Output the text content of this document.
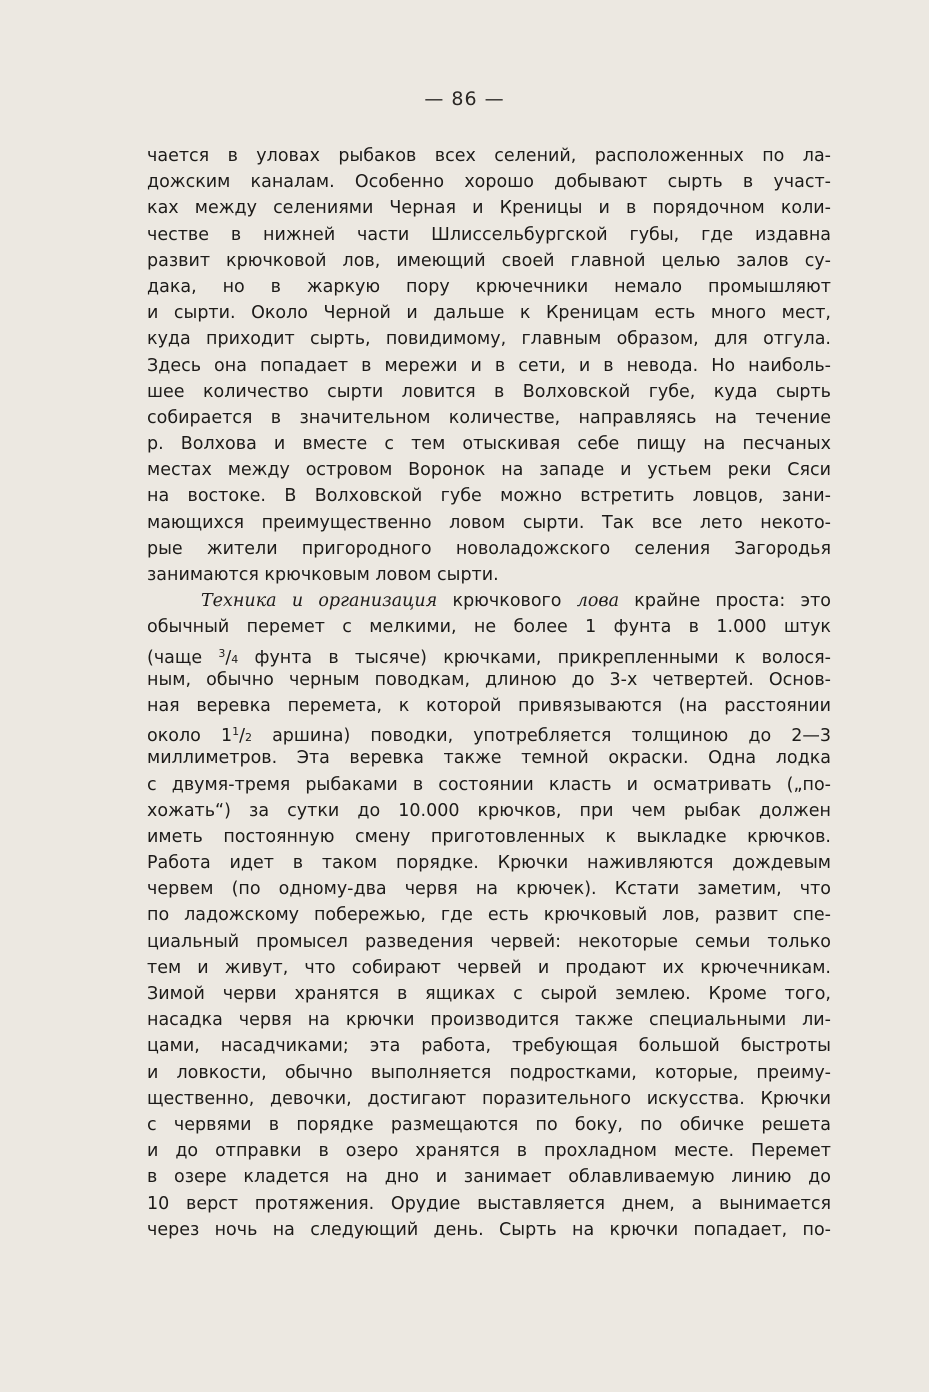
— 86 —
чается в уловах рыбаков всех селений, расположенных по ла-
дожским каналам. Особенно хорошо добывают сырть в участ-
ках между селениями Черная и Креницы и в порядочном коли-
честве в нижней части Шлиссельбургской губы, где издавна
развит крючковой лов, имеющий своей главной целью залов су-
дака, но в жаркую пору крючечники немало промышляют
и сырти. Около Черной и дальше к Креницам есть много мест,
куда приходит сырть, повидимому, главным образом, для отгула.
Здесь она попадает в мережи и в сети, и в невода. Но наиболь-
шее количество сырти ловится в Волховской губе, куда сырть
собирается в значительном количестве, направляясь на течение
р. Волхова и вместе с тем отыскивая себе пищу на песчаных
местах между островом Воронок на западе и устьем реки Сяси
на востоке. В Волховской губе можно встретить ловцов, зани-
мающихся преимущественно ловом сырти. Так все лето некото-
рые жители пригородного новоладожского селения Загородья
занимаются крючковым ловом сырти.
Техника и организация крючкового лова крайне проста: это
обычный перемет с мелкими, не более 1 фунта в 1.000 штук
(чаще $^3$/4 фунта в тысяче) крючками, прикрепленными к волося-
ным, обычно черным поводкам, длиною до 3-х четвертей. Основ-
ная веревка перемета, к которой привязываются (на расстоянии
около $1^1/2$ аршина) поводки, употребляется толщиною до 2—3
миллиметров. Эта веревка также темной окраски. Одна лодка
с двумя-тремя рыбаками в состоянии класть и осматривать („по-
хожать“) за сутки до 10.000 крючков, при чем рыбак должен
иметь постоянную смену приготовленных к выкладке крючков.
Работа идет в таком порядке. Крючки наживляются дождевым
червем (по одному-два червя на крючек). Кстати заметим, что
по ладожскому побережью, где есть крючковый лов, развит спе-
циальный промысел разведения червей: некоторые семьи только
тем и живут, что собирают червей и продают их крючечникам.
Зимой черви хранятся в ящиках с сырой землею. Кроме того,
насадка червя на крючки производится также специальными ли-
цами, насадчиками; эта работа, требующая большой быстроты
и ловкости, обычно выполняется подростками, которые, преиму-
щественно, девочки, достигают поразительного искусства. Крючки
с червями в порядке размещаются по боку, по обичке решета
и до отправки в озеро хранятся в прохладном месте. Перемет
в озере кладется на дно и занимает облавливаемую линию до
10 верст протяжения. Орудие выставляется днем, а вынимается
через ночь на следующий день. Сырть на крючки попадает, по-
